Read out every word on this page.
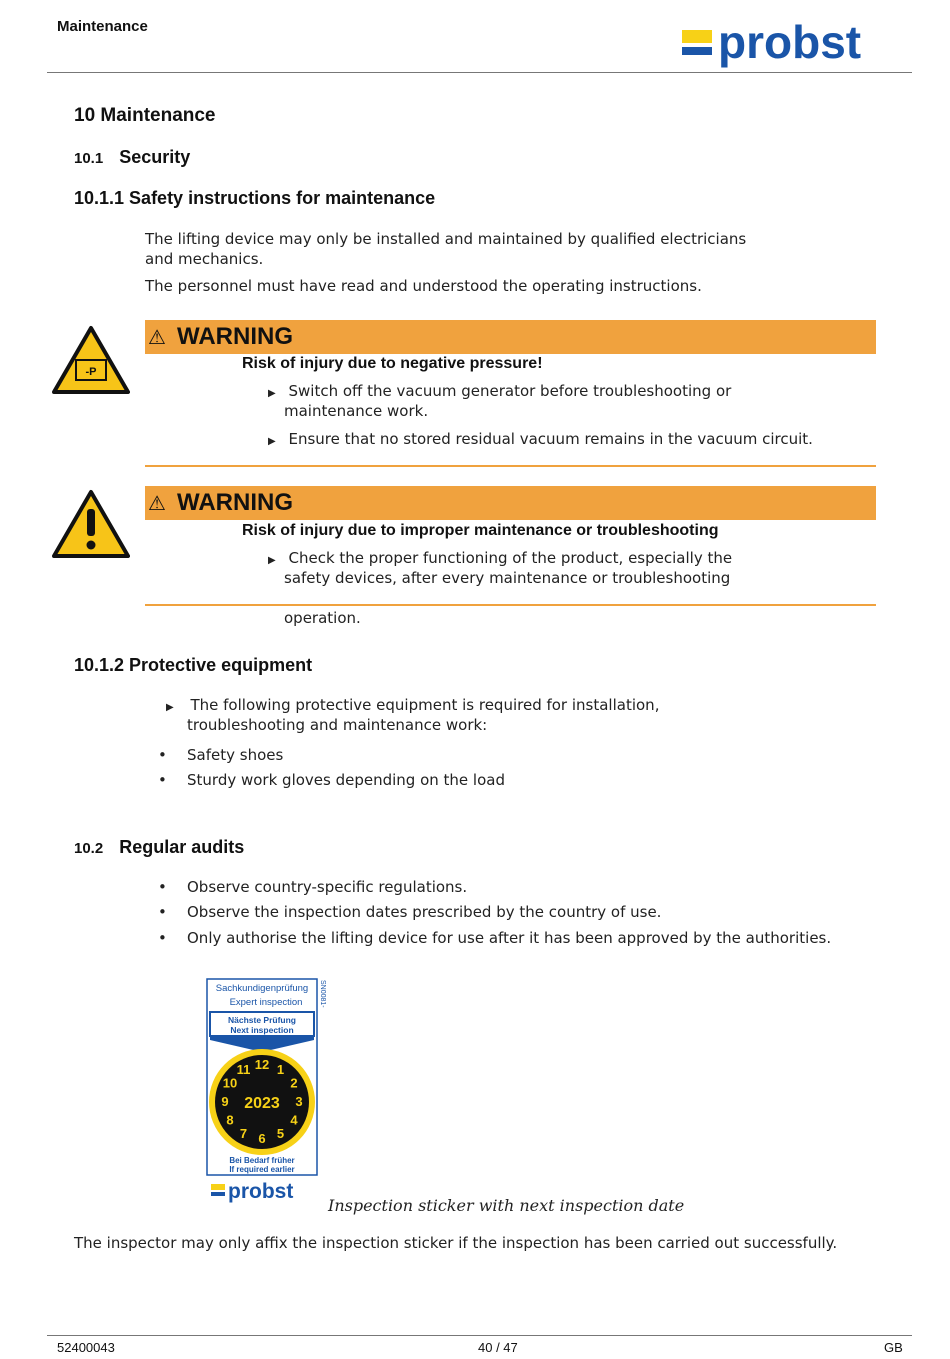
Maintenance	probst
10 Maintenance
10.1 Security
10.1.1 Safety instructions for maintenance
The lifting device may only be installed and maintained by qualified electricians
and mechanics.
The personnel must have read and understood the operating instructions.
-P
⚠ WARNING
Risk of injury due to negative pressure!
▶ Switch off the vacuum generator before troubleshooting or
maintenance work.
▶ Ensure that no stored residual vacuum remains in the vacuum circuit.
⚠ WARNING
Risk of injury due to improper maintenance or troubleshooting
▶ Check the proper functioning of the product, especially the
safety devices, after every maintenance or troubleshooting
operation.
10.1.2 Protective equipment
▶ The following protective equipment is required for installation,
troubleshooting and maintenance work:
• Safety shoes
• Sturdy work gloves depending on the load
10.2 Regular audits
• Observe country-specific regulations.
• Observe the inspection dates prescribed by the country of use.
• Only authorise the lifting device for use after it has been approved by the authorities.
Sachkundigenprüfung
Expert inspection
Nächste Prüfung
Next inspection
1
2
3
4
5
6
7
8
9
10
11 12
2023
Bei Bedarf früher
If required earlier
SN0081-
probst
Inspection sticker with next inspection date
The inspector may only affix the inspection sticker if the inspection has been carried out successfully.
52400043	40 / 47	GB
